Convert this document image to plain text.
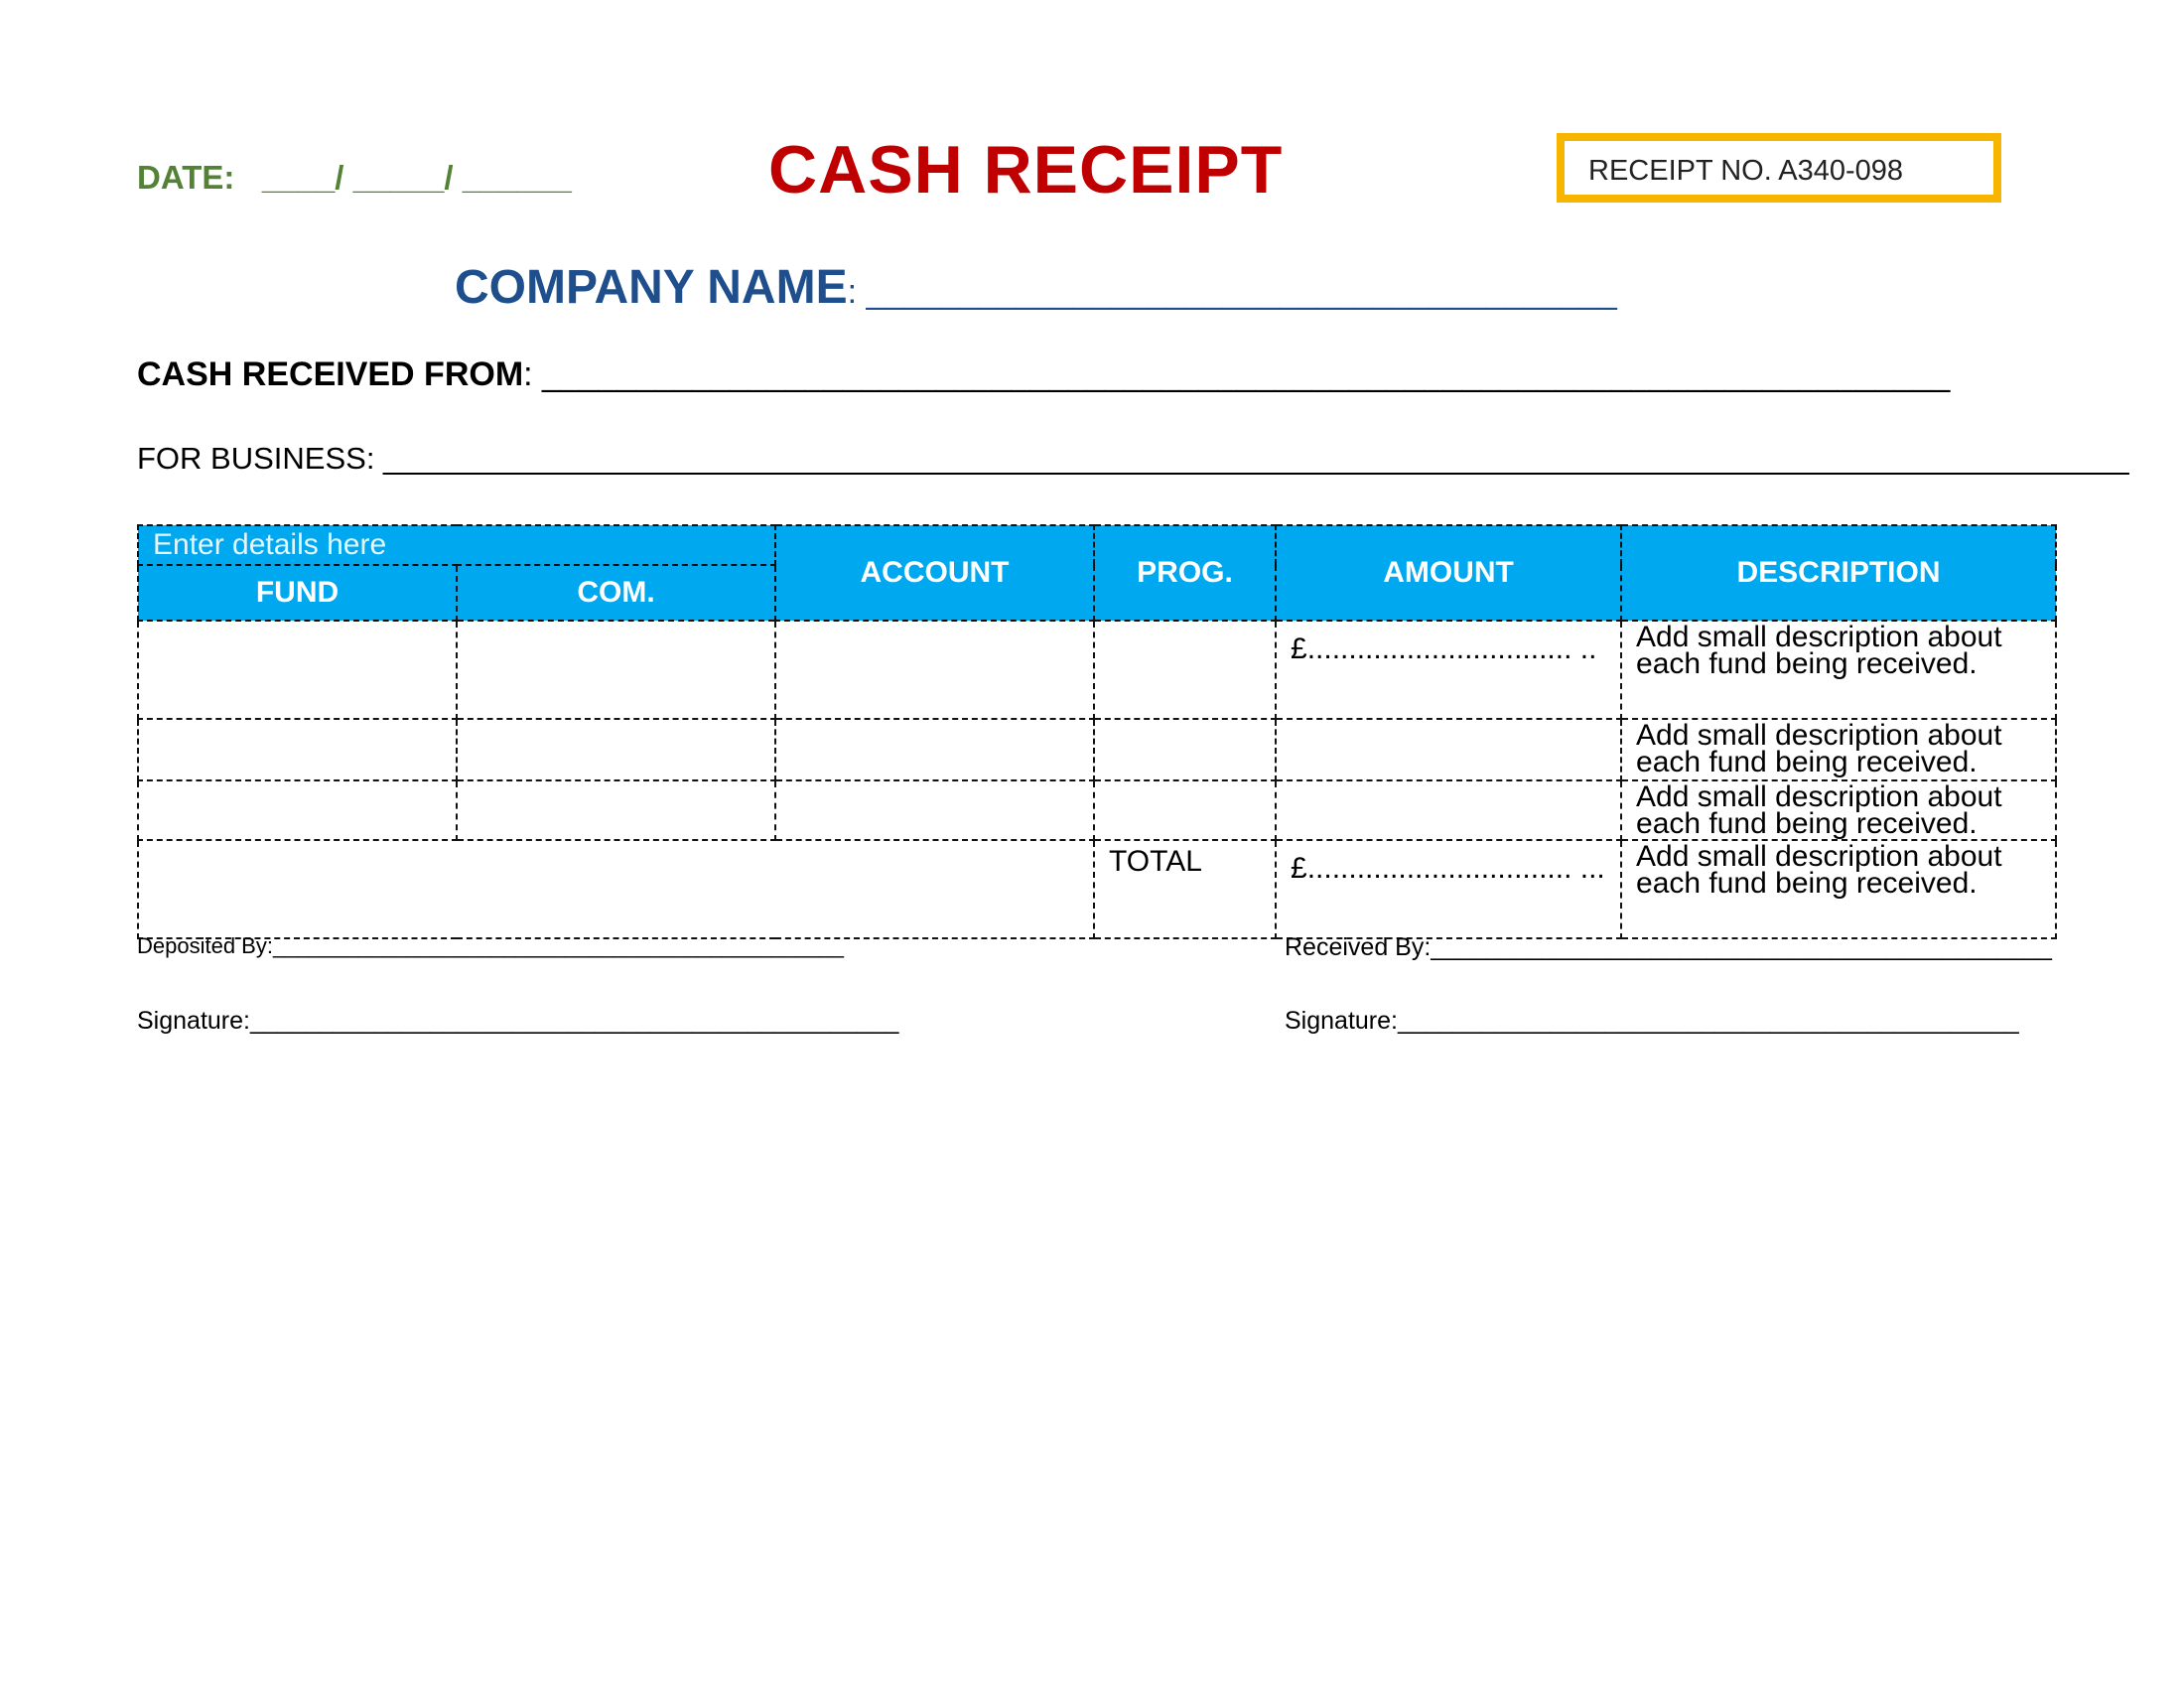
DATE: ____/ _____/ ______	CASH RECEIPT	RECEIPT NO. A340-098
COMPANY NAME: ________________________________________
CASH RECEIVED FROM: ___________________________________________________________________________
FOR BUSINESS: ______________________________________________________________________________________________________
Enter details here		ACCOUNT	PROG.	AMOUNT	DESCRIPTION
FUND	COM.				
				£................................ ..	Add small description about each fund being received.
					Add small description about each fund being received.
					Add small description about each fund being received.
			TOTAL	£................................ ...	Add small description about each fund being received.
Deposited By:_______________________________________________	Received By:_____________________________________________
Signature:_______________________________________________	Signature:_____________________________________________
